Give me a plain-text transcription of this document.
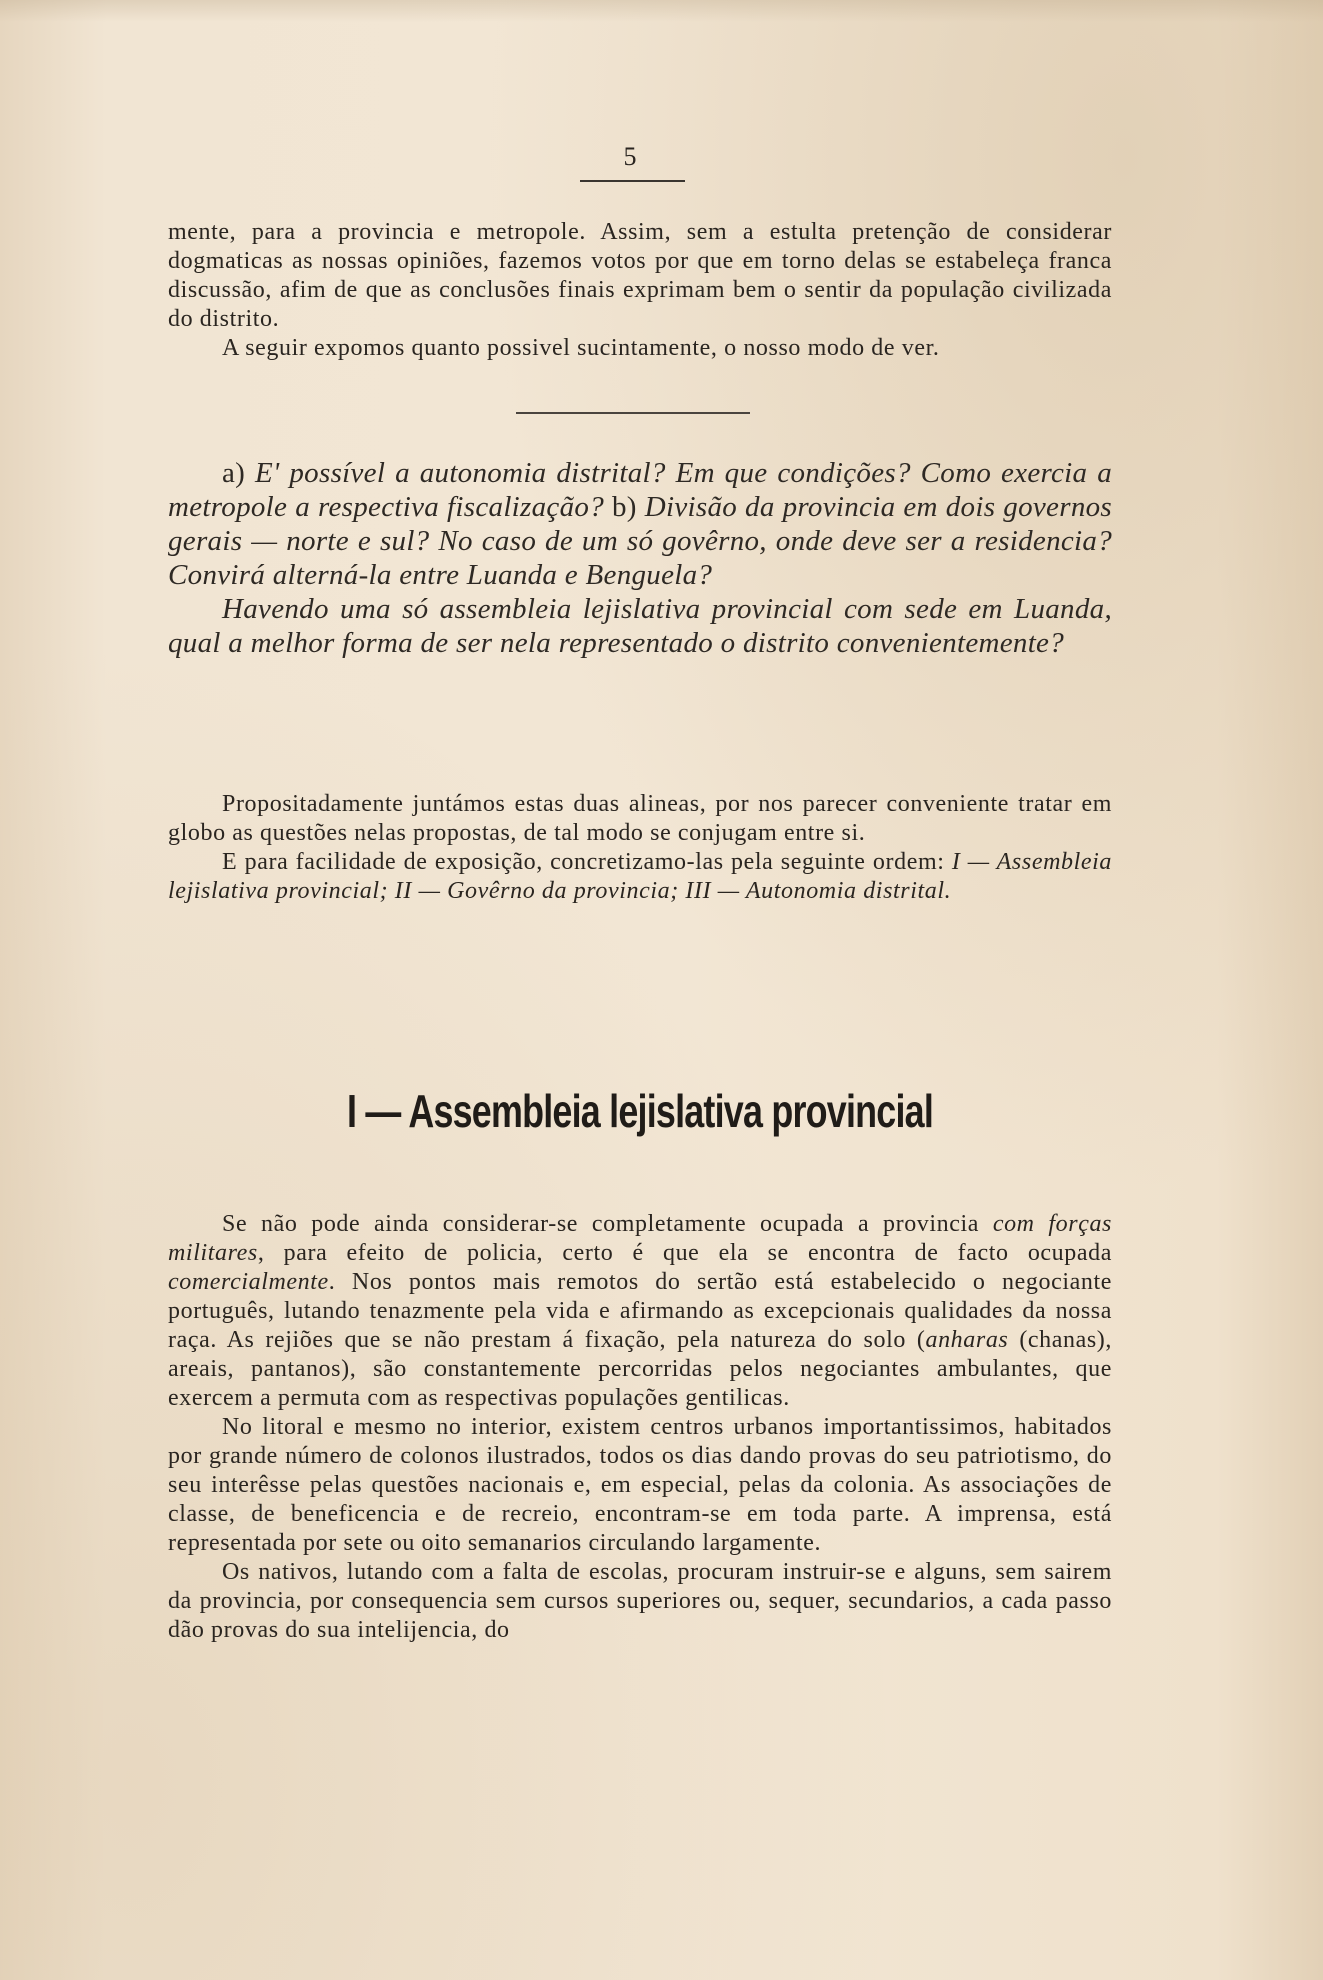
5

mente, para a provincia e metropole. Assim, sem a estulta pretenção de considerar dogmaticas as nossas opiniões, fazemos votos por que em torno delas se estabeleça franca discussão, afim de que as conclusões finais exprimam bem o sentir da população civilizada do distrito.

A seguir expomos quanto possivel sucintamente, o nosso modo de ver.

a) E' possível a autonomia distrital? Em que condições? Como exercia a metropole a respectiva fiscalização? b) Divisão da provincia em dois governos gerais — norte e sul? No caso de um só govêrno, onde deve ser a residencia? Convirá alterná-la entre Luanda e Benguela?

Havendo uma só assembleia lejislativa provincial com sede em Luanda, qual a melhor forma de ser nela representado o distrito convenientemente?

Propositadamente juntámos estas duas alineas, por nos parecer conveniente tratar em globo as questões nelas propostas, de tal modo se conjugam entre si.

E para facilidade de exposição, concretizamo-las pela seguinte ordem: I — Assembleia lejislativa provincial; II — Govêrno da provincia; III — Autonomia distrital.

I — Assembleia lejislativa provincial

Se não pode ainda considerar-se completamente ocupada a provincia com forças militares, para efeito de policia, certo é que ela se encontra de facto ocupada comercialmente. Nos pontos mais remotos do sertão está estabelecido o negociante português, lutando tenazmente pela vida e afirmando as excepcionais qualidades da nossa raça. As rejiões que se não prestam á fixação, pela natureza do solo (anharas (chanas), areais, pantanos), são constantemente percorridas pelos negociantes ambulantes, que exercem a permuta com as respectivas populações gentilicas.

No litoral e mesmo no interior, existem centros urbanos importantissimos, habitados por grande número de colonos ilustrados, todos os dias dando provas do seu patriotismo, do seu interêsse pelas questões nacionais e, em especial, pelas da colonia. As associações de classe, de beneficencia e de recreio, encontram-se em toda parte. A imprensa, está representada por sete ou oito semanarios circulando largamente.

Os nativos, lutando com a falta de escolas, procuram instruir-se e alguns, sem sairem da provincia, por consequencia sem cursos superiores ou, sequer, secundarios, a cada passo dão provas do sua intelijencia, do
